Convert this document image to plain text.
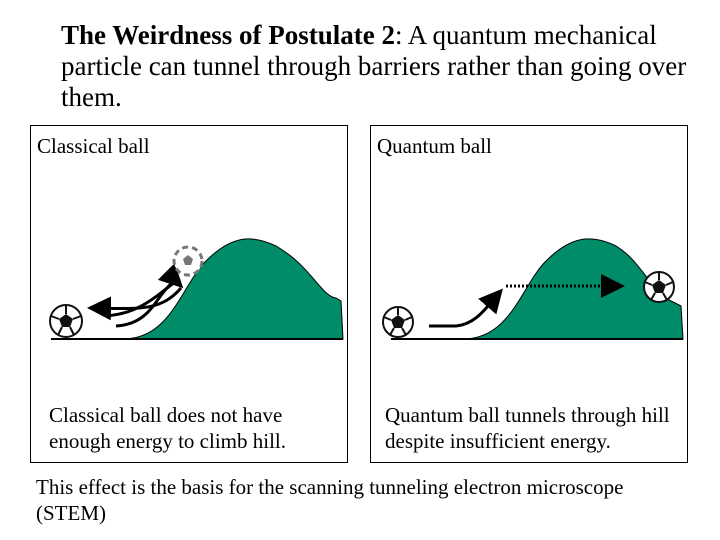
The Weirdness of Postulate 2: A quantum mechanical particle can tunnel through barriers rather than going over them.
Classical ball
Classical ball does not have enough energy to climb hill.
Quantum ball
Quantum ball tunnels through hill despite insufficient energy.
This effect is the basis for the scanning tunneling electron microscope (STEM)
